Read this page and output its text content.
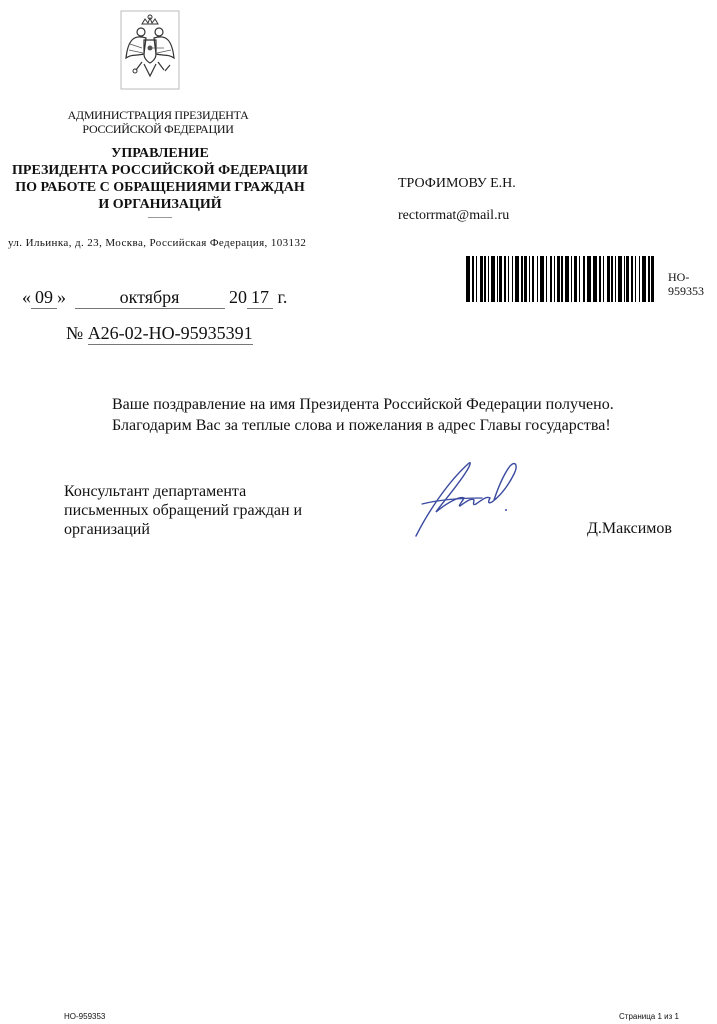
АДМИНИСТРАЦИЯ ПРЕЗИДЕНТА
РОССИЙСКОЙ ФЕДЕРАЦИИ
УПРАВЛЕНИЕ
ПРЕЗИДЕНТА РОССИЙСКОЙ ФЕДЕРАЦИИ
ПО РАБОТЕ С ОБРАЩЕНИЯМИ ГРАЖДАН
И ОРГАНИЗАЦИЙ
ул. Ильинка, д. 23, Москва, Российская Федерация, 103132
ТРОФИМОВУ Е.Н.
rectorrmat@mail.ru
НО-
959353
« 09 »	октября	20 17 г.
№ А26-02-НО-95935391
Ваше поздравление на имя Президента Российской Федерации получено.
Благодарим Вас за теплые слова и пожелания в адрес Главы государства!
Консультант департамента
письменных обращений граждан и
организаций	Д.Максимов
НО-959353	Страница 1 из 1
